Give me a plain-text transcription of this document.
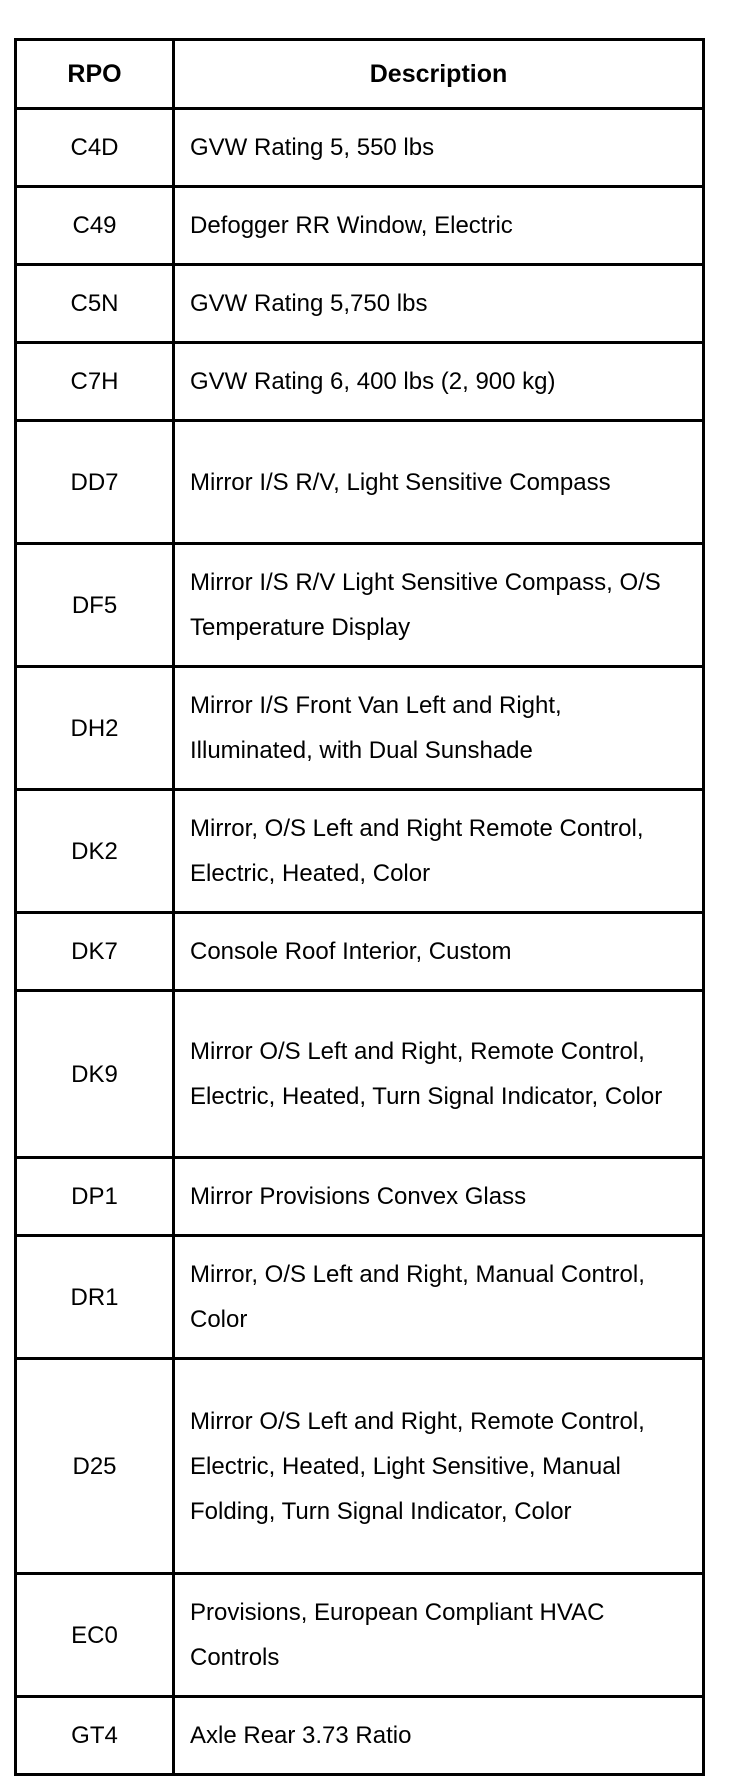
RPO	Description
C4D	GVW Rating 5, 550 lbs
C49	Defogger RR Window, Electric
C5N	GVW Rating 5,750 lbs
C7H	GVW Rating 6, 400 lbs (2, 900 kg)
DD7	Mirror I/S R/V, Light Sensitive Compass
DF5	Mirror I/S R/V Light Sensitive Compass, O/S Temperature Display
DH2	Mirror I/S Front Van Left and Right, Illuminated, with Dual Sunshade
DK2	Mirror, O/S Left and Right Remote Control, Electric, Heated, Color
DK7	Console Roof Interior, Custom
DK9	Mirror O/S Left and Right, Remote Control, Electric, Heated, Turn Signal Indicator, Color
DP1	Mirror Provisions Convex Glass
DR1	Mirror, O/S Left and Right, Manual Control, Color
D25	Mirror O/S Left and Right, Remote Control, Electric, Heated, Light Sensitive, Manual Folding, Turn Signal Indicator, Color
EC0	Provisions, European Compliant HVAC Controls
GT4	Axle Rear 3.73 Ratio
